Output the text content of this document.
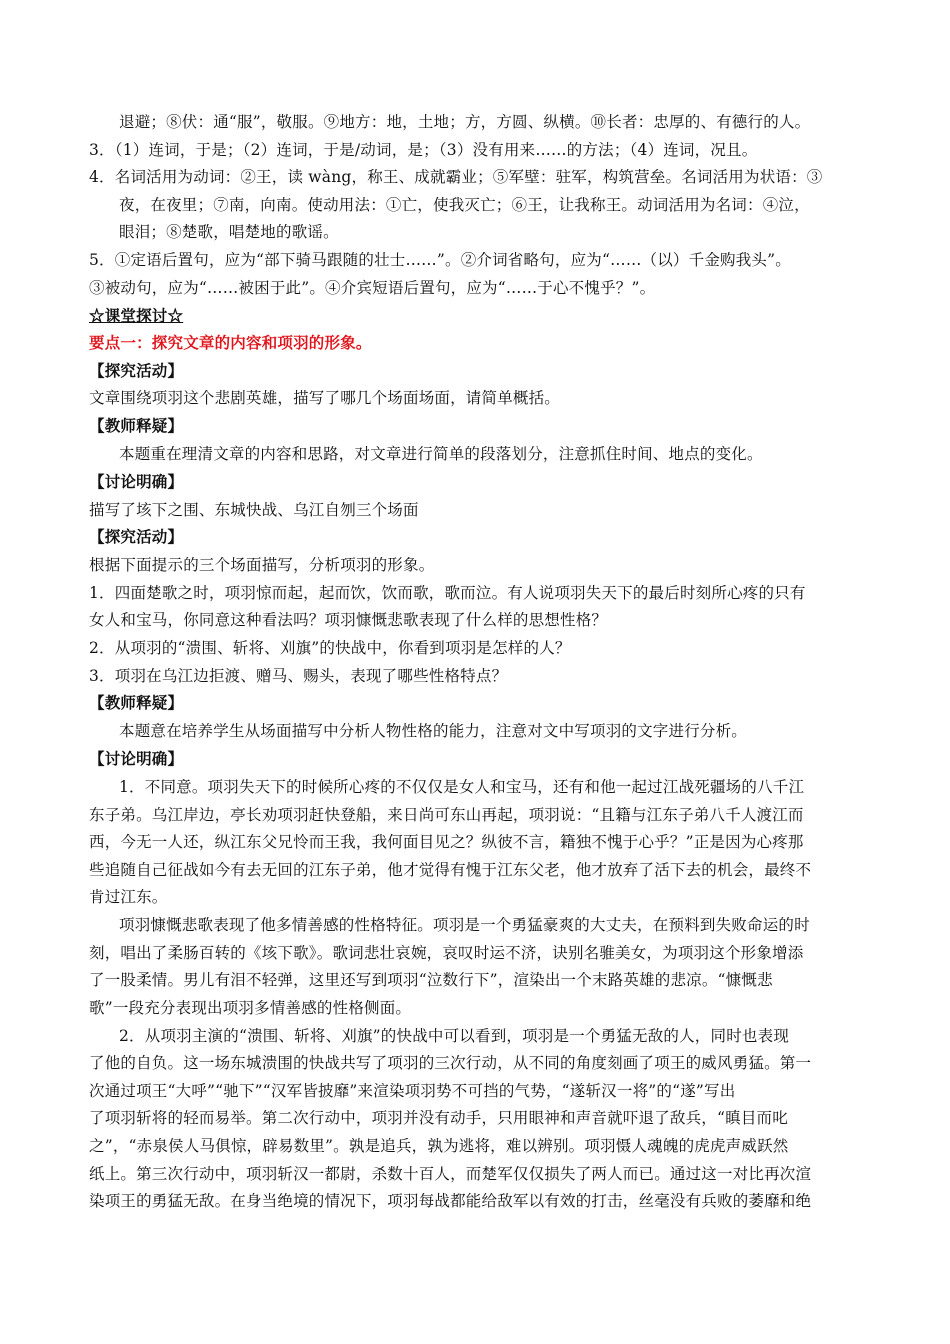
退避；⑧伏：通“服”，敬服。⑨地方：地，土地；方，方圆、纵横。⑩长者：忠厚的、有德行的人。
3．（1）连词，于是；（2）连词，于是/动词，是；（3）没有用来……的方法；（4）连词，况且。
4．名词活用为动词：②王，读 wàng，称王、成就霸业；⑤军壁：驻军，构筑营垒。名词活用为状语：③
夜，在夜里；⑦南，向南。使动用法：①亡，使我灭亡；⑥王，让我称王。动词活用为名词：④泣，
眼泪；⑧楚歌，唱楚地的歌谣。
5．①定语后置句，应为“部下骑马跟随的壮士……”。②介词省略句，应为“……（以）千金购我头”。
③被动句，应为“……被困于此”。④介宾短语后置句，应为“……于心不愧乎？”。
☆课堂探讨☆
要点一：探究文章的内容和项羽的形象。
【探究活动】
文章围绕项羽这个悲剧英雄，描写了哪几个场面场面，请简单概括。
【教师释疑】
本题重在理清文章的内容和思路，对文章进行简单的段落划分，注意抓住时间、地点的变化。
【讨论明确】
描写了垓下之围、东城快战、乌江自刎三个场面
【探究活动】
根据下面提示的三个场面描写，分析项羽的形象。
1．四面楚歌之时，项羽惊而起，起而饮，饮而歌，歌而泣。有人说项羽失天下的最后时刻所心疼的只有
女人和宝马，你同意这种看法吗？项羽慷慨悲歌表现了什么样的思想性格？
2．从项羽的“溃围、斩将、刈旗”的快战中，你看到项羽是怎样的人？
3．项羽在乌江边拒渡、赠马、赐头，表现了哪些性格特点？
【教师释疑】
本题意在培养学生从场面描写中分析人物性格的能力，注意对文中写项羽的文字进行分析。
【讨论明确】
1．不同意。项羽失天下的时候所心疼的不仅仅是女人和宝马，还有和他一起过江战死疆场的八千江
东子弟。乌江岸边，亭长劝项羽赶快登船，来日尚可东山再起，项羽说：“且籍与江东子弟八千人渡江而
西，今无一人还，纵江东父兄怜而王我，我何面目见之？纵彼不言，籍独不愧于心乎？”正是因为心疼那
些追随自己征战如今有去无回的江东子弟，他才觉得有愧于江东父老，他才放弃了活下去的机会，最终不
肯过江东。
项羽慷慨悲歌表现了他多情善感的性格特征。项羽是一个勇猛豪爽的大丈夫，在预料到失败命运的时
刻，唱出了柔肠百转的《垓下歌》。歌词悲壮哀婉，哀叹时运不济，诀别名骓美女，为项羽这个形象增添
了一股柔情。男儿有泪不轻弹，这里还写到项羽“泣数行下”，渲染出一个末路英雄的悲凉。“慷慨悲
歌”一段充分表现出项羽多情善感的性格侧面。
2．从项羽主演的“溃围、斩将、刈旗”的快战中可以看到，项羽是一个勇猛无敌的人，同时也表现
了他的自负。这一场东城溃围的快战共写了项羽的三次行动，从不同的角度刻画了项王的威风勇猛。第一
次通过项王“大呼”“驰下”“汉军皆披靡”来渲染项羽势不可挡的气势，“遂斩汉一将”的“遂”写出
了项羽斩将的轻而易举。第二次行动中，项羽并没有动手，只用眼神和声音就吓退了敌兵，“瞋目而叱
之”，“赤泉侯人马俱惊，辟易数里”。孰是追兵，孰为逃将，难以辨别。项羽慑人魂魄的虎虎声威跃然
纸上。第三次行动中，项羽斩汉一都尉，杀数十百人，而楚军仅仅损失了两人而已。通过这一对比再次渲
染项王的勇猛无敌。在身当绝境的情况下，项羽每战都能给敌军以有效的打击，丝毫没有兵败的萎靡和绝
